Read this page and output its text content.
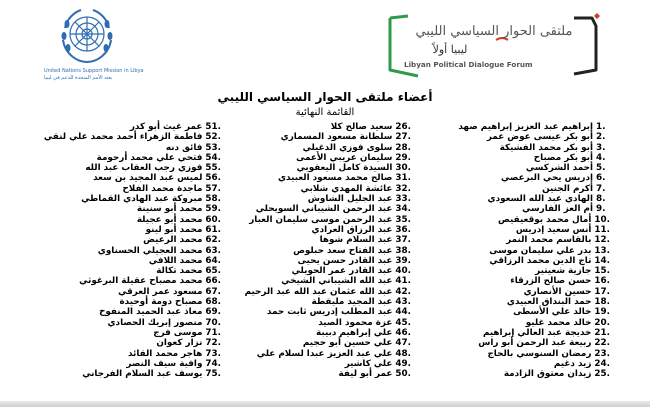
United Nations Support Mission in Libya
بعثة الأمم المتحدة للدعم في ليبيا
ملتقى الحوار السياسي الليبي
ليبيا أولاً
Libyan Political Dialogue Forum
أعضاء ملتقى الحوار السياسي الليبي
القائمة النهائية
1.إبراهيم عبد العزيز إبراهيم صهد
2.أبو بكر عيسى عوض عمر
3.أبو بكر محمد الفشيكة
4.أبو بكر مصباح
5.أحمد الشركسي
6.إدريس يحي البرعصي
7.أكرم الجنين
8.الهادي عبد الله السعودي
9.أم العز الفارسي
10.أمال محمد بوقعيقيص
11.أنس سعيد إدريس
12.بالقاسم محمد النمر
13.بدر علي سليمان موسى
14.تاج الدين محمد الرزاقي
15.جازية شعيتير
16.حسن صالح الزرقاء
17.حسين الأنصاري
18.حمد البنداق العبيدي
19.خالد علي الأسطى
20.خالد محمد غليو
21.خديجة عبد العالي إبراهيم
22.ربيعة عبد الرحمن أبو راس
23.رمضان السنوسي بالحاج
24.زيد دغيم
25.زيدان معتوق الزادمة
26.سعيد صالح كلا
27.سلطانة مسعود المسماري
28.سلوى فوزي الدغيلي
29.سليمان عريبي الأعمى
30.السيدة كامل اليعقوبي
31.صالح محمد مسعود العبيدي
32.عائشة المهدي شلابي
33.عبد الجليل الشاوش
34.عبد الرحمن الشيباني السويحلي
35.عبد الرحمن موسى سليمان العبار
36.عبد الرزاق العرادي
37.عبد السلام شوها
38.عبد الفتاح سعد حبلوص
39.عبد القادر حسن يحيى
40.عبد القادر عمر الحويلي
41.عبد الله الشيباني الشيخي
42.عبد الله عثمان عبد الله عبد الرحيم
43.عبد المجيد مليقطة
44.عبد المطلب إدريس ثابت حمد
45.عزة محمود الصيد
46.علي إبراهيم دبيبة
47.علي حسين أبو حجيم
48.علي عبد العزيز عبدا لسلام علي
49.علي كاشير
50.عمر أبو ليفة
51.عمر غيث أبو كدر
52.فاطمة الزهراء أحمد محمد علي لنقي
53.فائق دنه
54.فتحي علي محمد أرحومة
55.فوزي رجب العقاب عبد الله
56.لميس عبد المجيد بن سعد
57.ماجدة محمد الفلاح
58.مبروكة عبد الهادي القماطي
59.محمد أبو سنينة
60.محمد أبو عجيلة
61.محمد أبو لينو
62.محمد الرعيض
63.محمد العجيلي الحسناوي
64.محمد اللافي
65.محمد تكالة
66.محمد مصباح عقيلة البرغوثي
67.مسعود عمر العرقي
68.مصباح دومة أوحيدة
69.معاذ عبد الحميد المنفوخ
70.منصور إبريك الحصادي
71.موسى فرج
72.نزار كعوان
73.هاجر محمد القائد
74.وافية سيف النصر
75.يوسف عبد السلام الفرجاني
